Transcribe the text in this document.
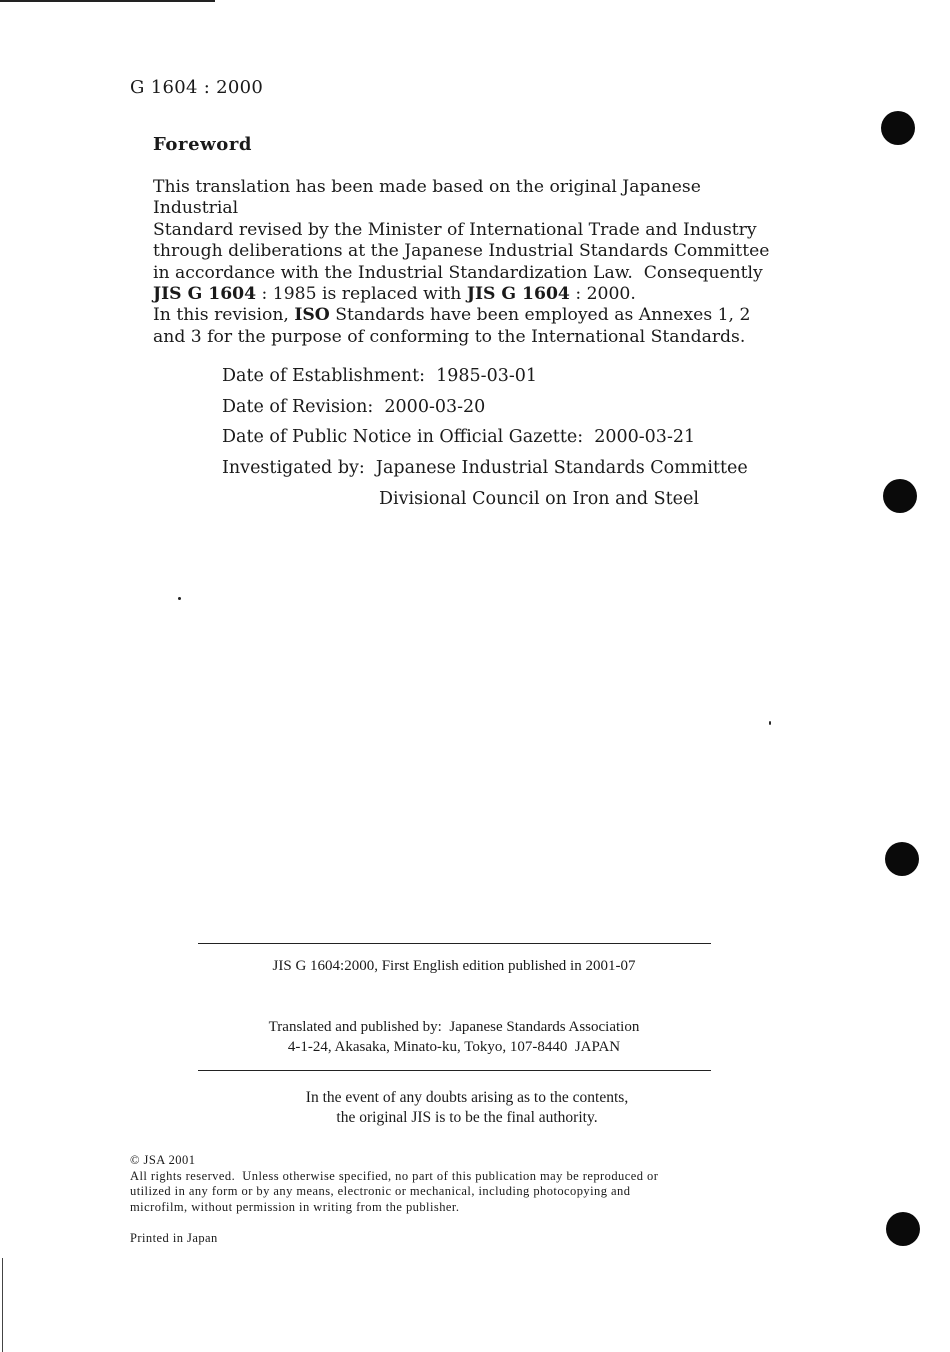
G 1604 : 2000
Foreword
This translation has been made based on the original Japanese Industrial
Standard revised by the Minister of International Trade and Industry
through deliberations at the Japanese Industrial Standards Committee
in accordance with the Industrial Standardization Law.  Consequently
JIS G 1604 : 1985 is replaced with JIS G 1604 : 2000.
In this revision, ISO Standards have been employed as Annexes 1, 2
and 3 for the purpose of conforming to the International Standards.
Date of Establishment:  1985-03-01
Date of Revision:  2000-03-20
Date of Public Notice in Official Gazette:  2000-03-21
Investigated by:  Japanese Industrial Standards Committee
Divisional Council on Iron and Steel
JIS G 1604:2000, First English edition published in 2001-07
Translated and published by:  Japanese Standards Association
4-1-24, Akasaka, Minato-ku, Tokyo, 107-8440  JAPAN
In the event of any doubts arising as to the contents,
the original JIS is to be the final authority.
© JSA 2001
All rights reserved.  Unless otherwise specified, no part of this publication may be reproduced or
utilized in any form or by any means, electronic or mechanical, including photocopying and
microfilm, without permission in writing from the publisher.
Printed in Japan
